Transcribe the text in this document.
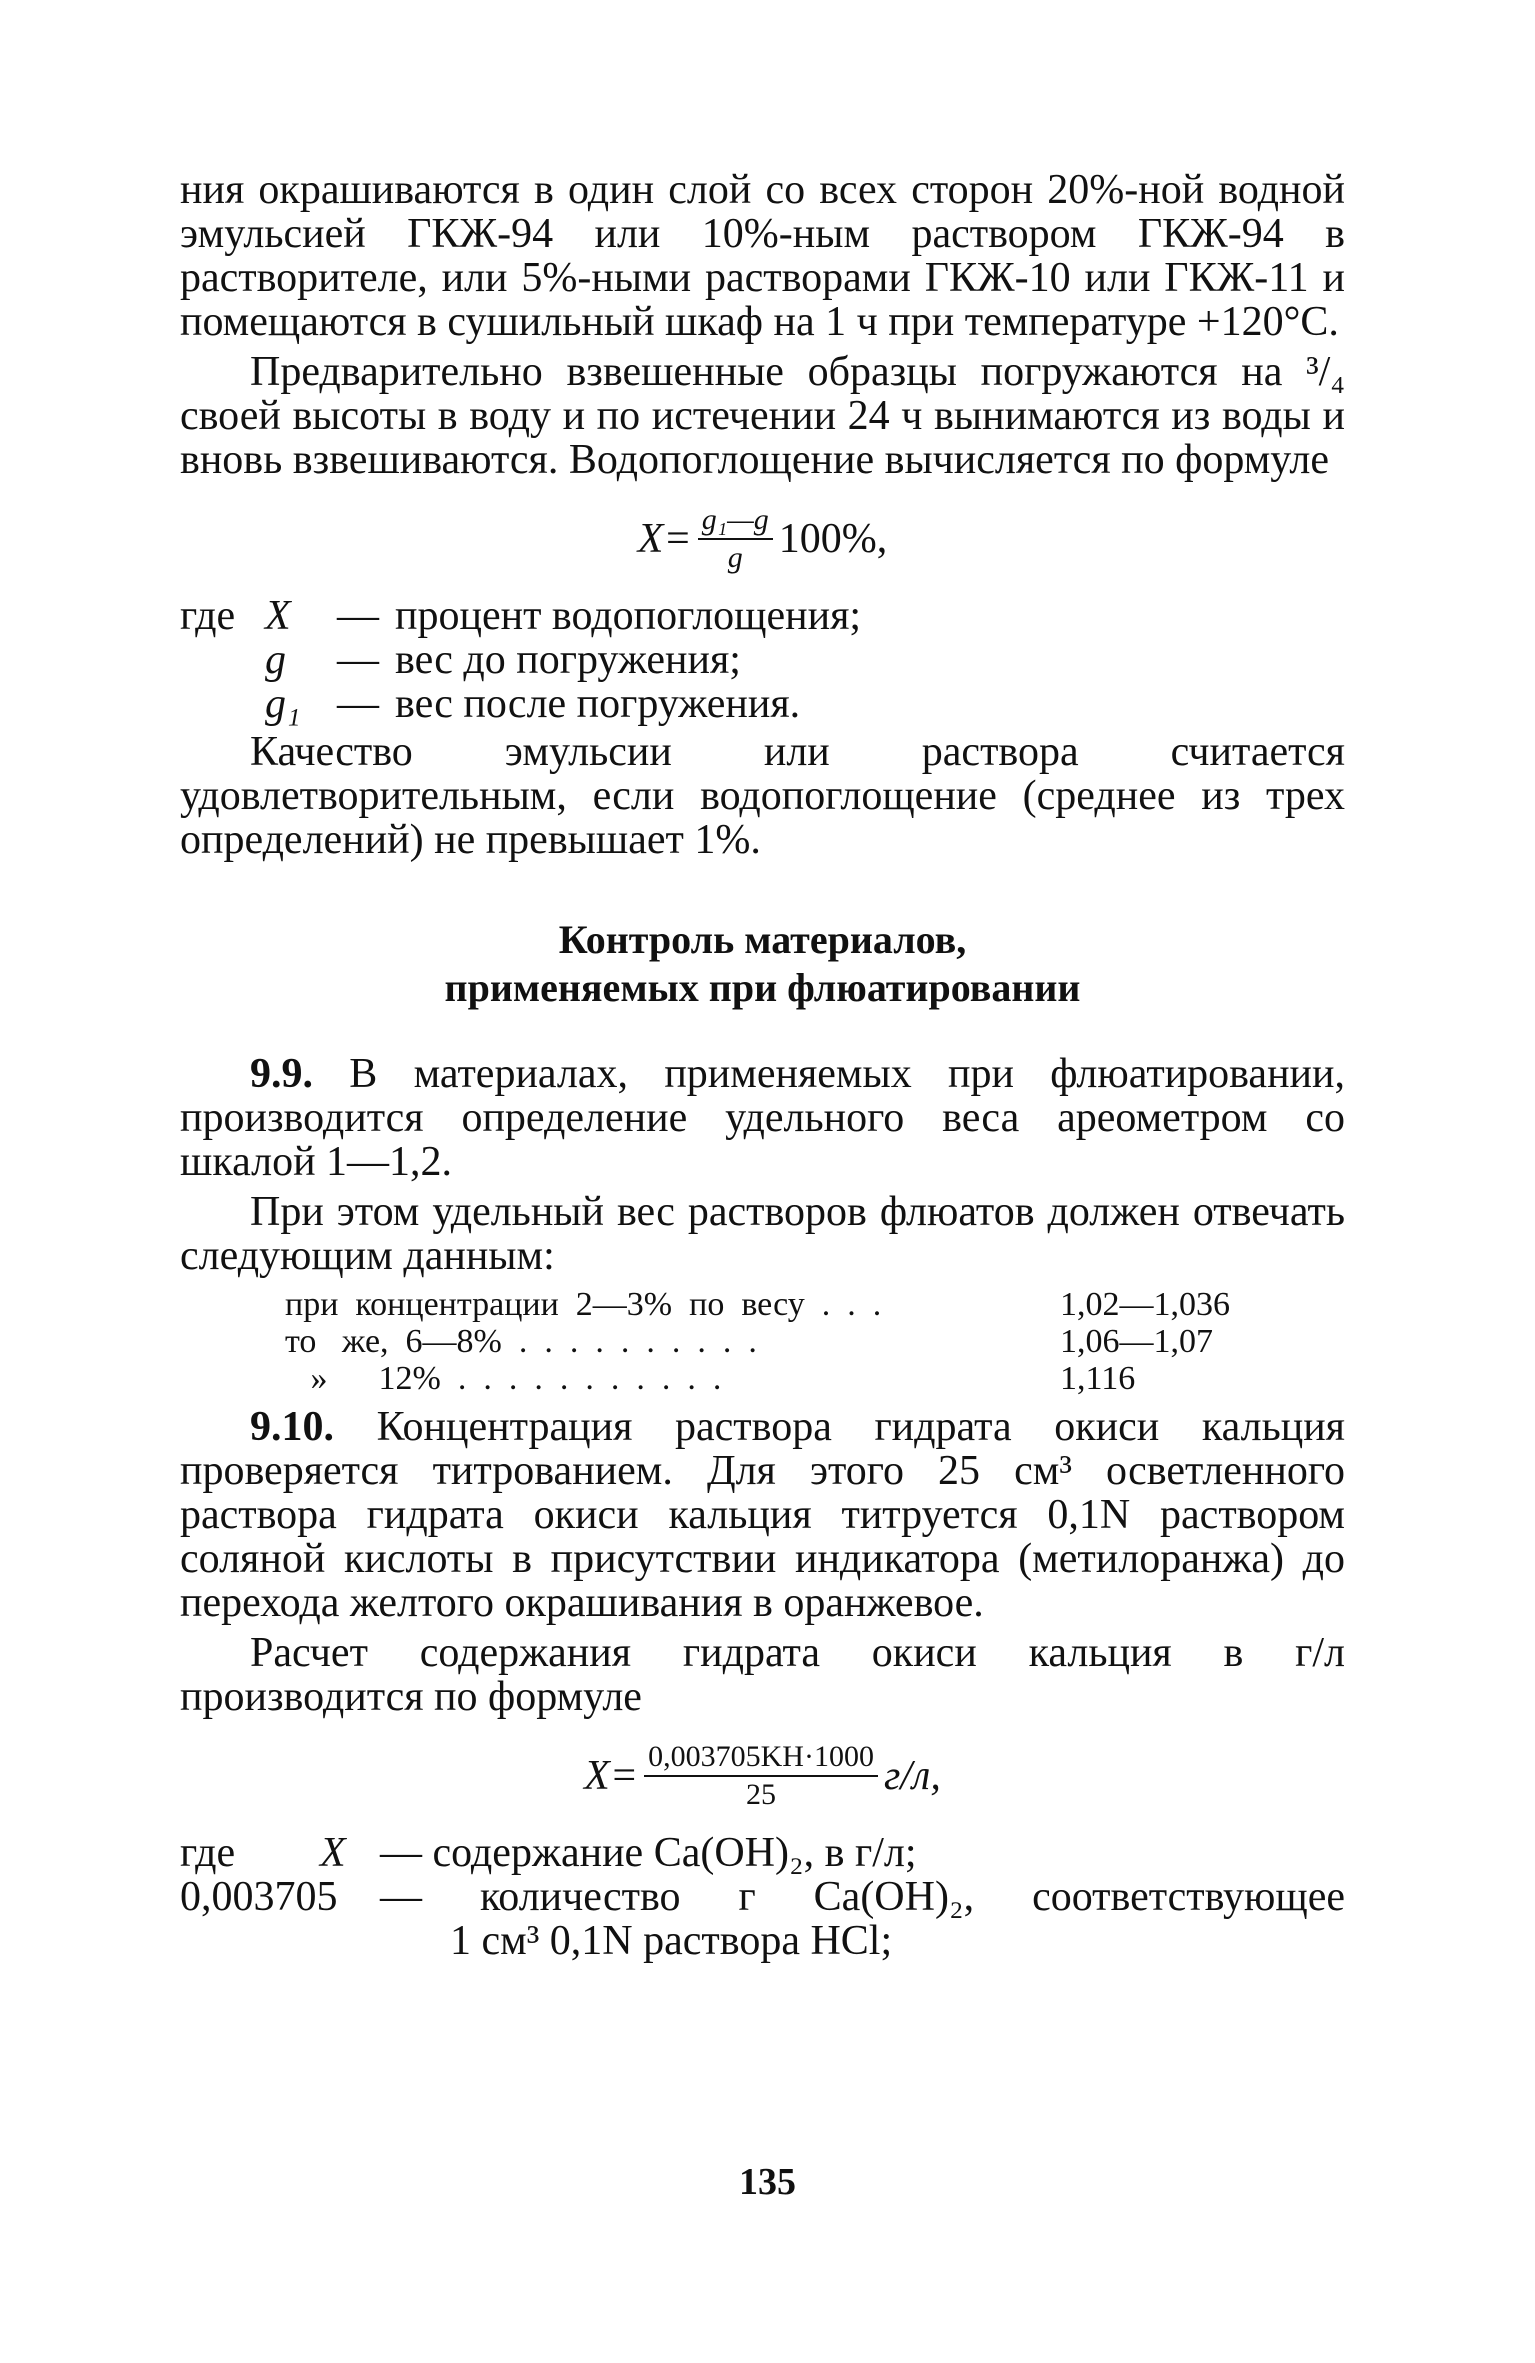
ния окрашиваются в один слой со всех сторон 20%-ной водной эмульсией ГКЖ-94 или 10%-ным раствором ГКЖ-94 в растворителе, или 5%-ными растворами ГКЖ-10 или ГКЖ-11 и помещаются в сушильный шкаф на 1 ч при температуре +120°С.

Предварительно взвешенные образцы погружаются на ³/₄ своей высоты в воду и по истечении 24 ч вынимаются из воды и вновь взвешиваются. Водопоглощение вычисляется по формуле

$X= \frac{\text{g₁—g}}{g} 100\%$,
где X	— процент водопоглощения;
g	— вес до погружения;
g₁ — вес после погружения.

Качество эмульсии или раствора считается удовлетворительным, если водопоглощение (среднее из трех определений) не превышает 1%.

Контроль материалов,
применяемых при флюатировании

9.9. В материалах, применяемых при флюатировании, производится определение удельного веса ареометром со шкалой 1—1,2.

При этом удельный вес растворов флюатов должен отвечать следующим данным:

при  концентрации  2—3%  по  весу  .  .  .	1,02—1,036
то   же,  6—8%  .  .  .  .  .  .  .  .  .  .	1,06—1,07
»      12%  .  .  .  .  .  .  .  .  .  .  .	1,116

9.10. Концентрация раствора гидрата окиси кальция проверяется титрованием. Для этого 25 см³ осветленного раствора гидрата окиси кальция титруется 0,1N раствором соляной кислоты в присутствии индикатора (метилоранжа) до перехода желтого окрашивания в оранжевое.

Расчет содержания гидрата окиси кальция в г/л производится по формуле

$X= \frac{0,003705KH\cdot 1000}{25} г/л$,
где	X — содержание Ca(OH)₂, в г/л;
0,003705	— количество г Ca(OH)₂, соответствующее
1 см³ 0,1N раствора HCl;
135
